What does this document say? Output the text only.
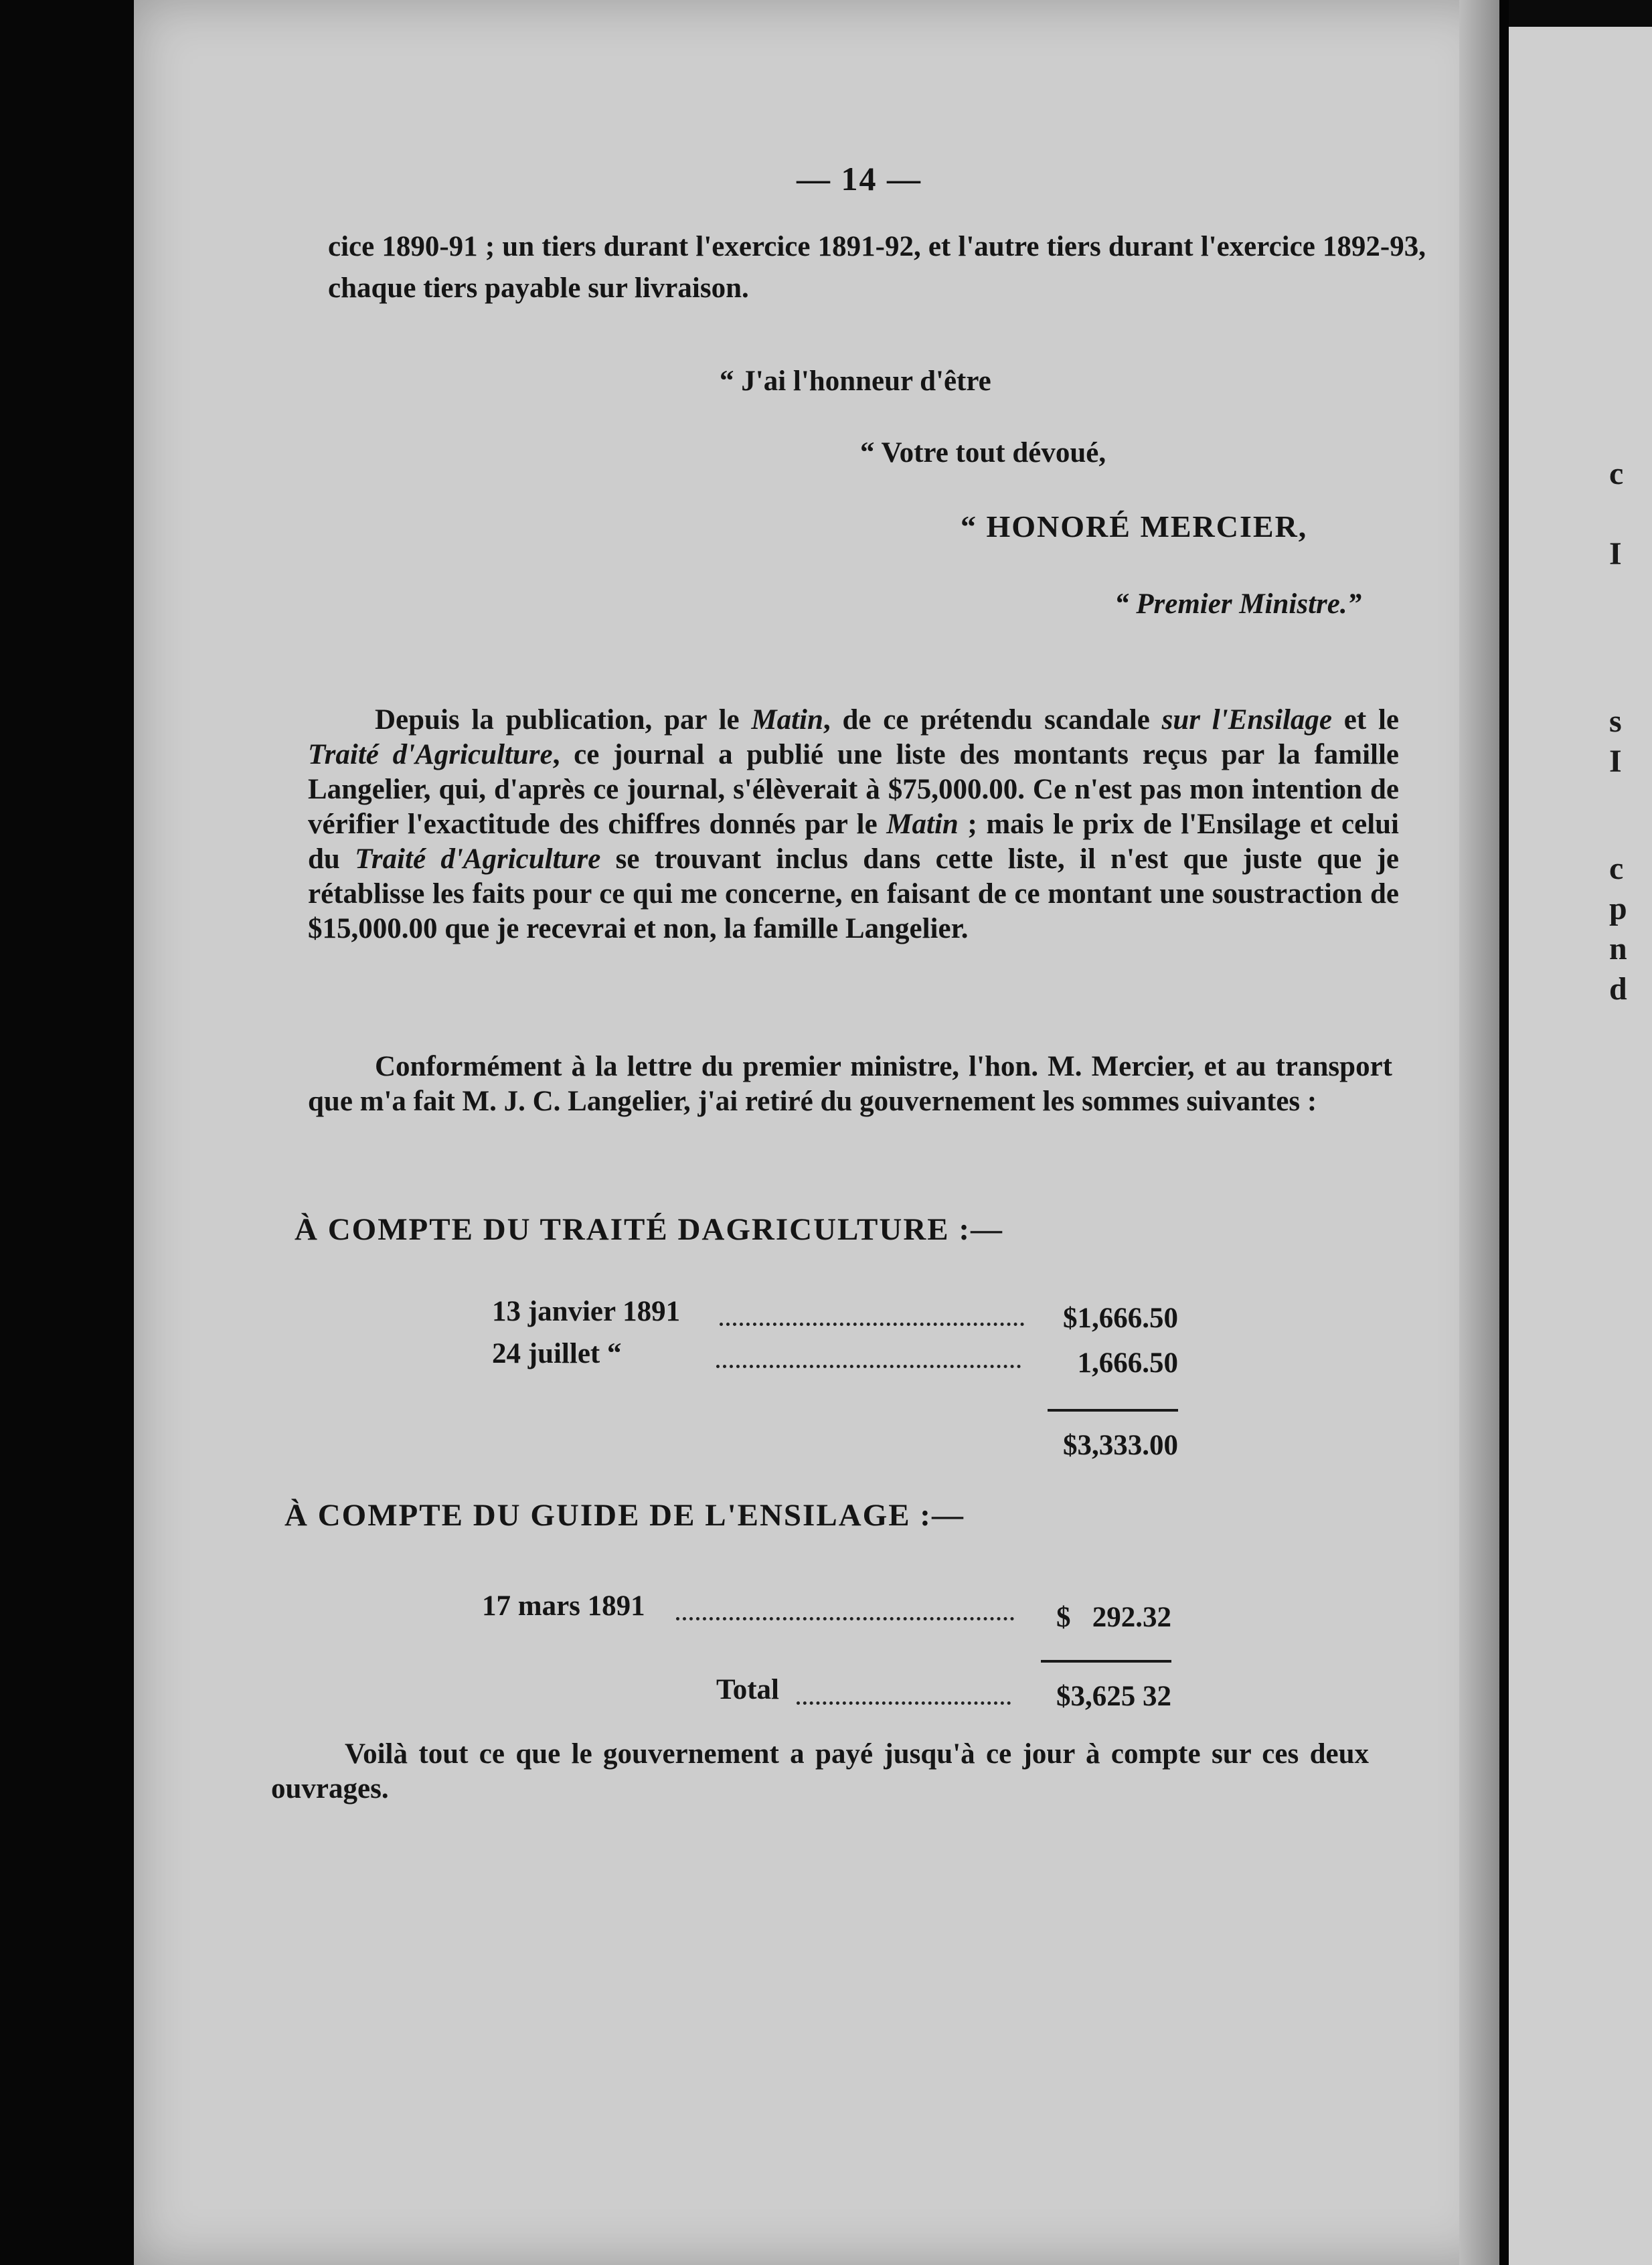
c
I
s
I
c
p
n
d
— 14 —
cice 1890-91 ; un tiers durant l'exercice 1891-92, et l'autre tiers durant l'exercice 1892-93, chaque tiers payable sur livraison.
“ J'ai l'honneur d'être
“ Votre tout dévoué,
“ HONORÉ MERCIER,
“ Premier Ministre.”

Depuis la publication, par le Matin, de ce prétendu scandale sur l'Ensilage et le Traité d'Agriculture, ce journal a publié une liste des montants reçus par la famille Langelier, qui, d'après ce journal, s'élèverait à $75,000.00. Ce n'est pas mon intention de vérifier l'exactitude des chiffres donnés par le Matin ; mais le prix de l'Ensilage et celui du Traité d'Agriculture se trouvant inclus dans cette liste, il n'est que juste que je rétablisse les faits pour ce qui me concerne, en faisant de ce montant une soustraction de $15,000.00 que je recevrai et non, la famille Langelier.

Conformément à la lettre du premier ministre, l'hon. M. Mercier, et au transport que m'a fait M. J. C. Langelier, j'ai retiré du gouvernement les sommes suivantes :

À COMPTE DU TRAITÉ DAGRICULTURE :—
13 janvier 1891	$1,666.50
24 juillet “	1,666.50
$3,333.00
À COMPTE DU GUIDE DE L'ENSILAGE :—
17 mars 1891	$   292.32
Total	$3,625 32

Voilà tout ce que le gouvernement a payé jusqu'à ce jour à compte sur ces deux ouvrages.
